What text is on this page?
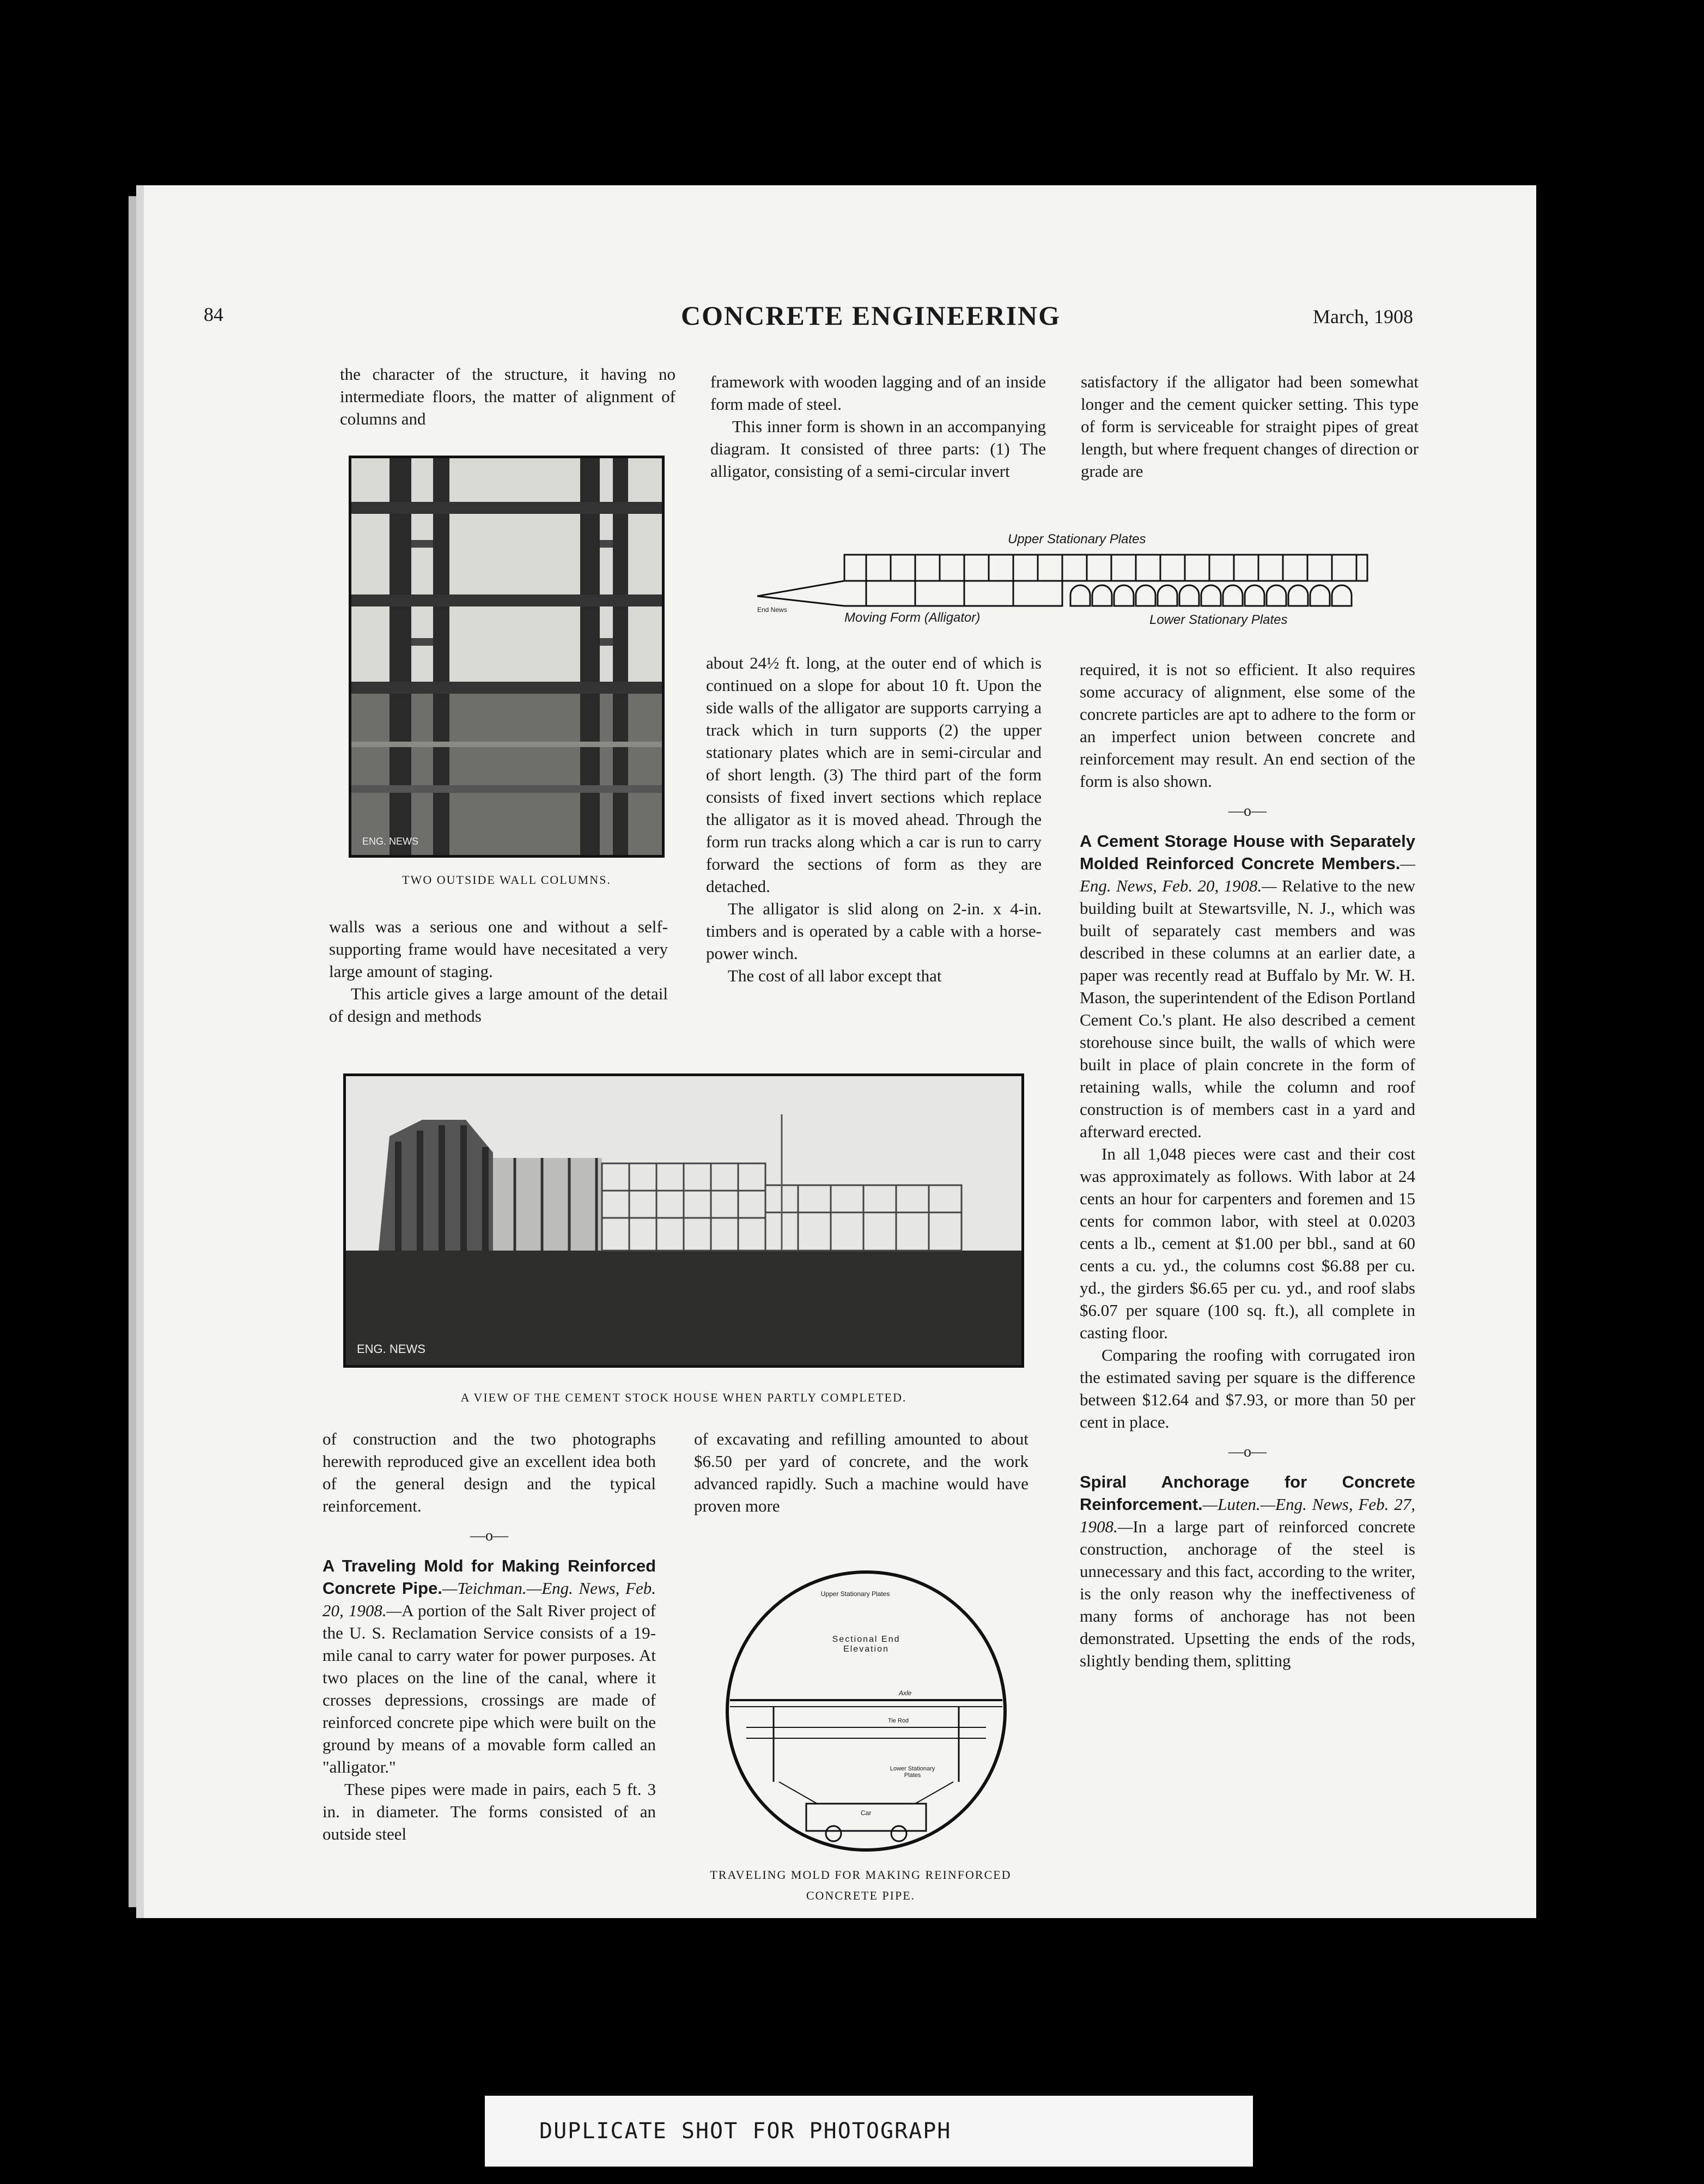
84	CONCRETE ENGINEERING	March, 1908

the character of the structure, it having no intermediate floors, the matter of alignment of columns and

ENG. NEWS
TWO OUTSIDE WALL COLUMNS.

walls was a serious one and without a self-supporting frame would have necesitated a very large amount of staging.

This article gives a large amount of the detail of design and methods

framework with wooden lagging and of an inside form made of steel.

This inner form is shown in an accompanying diagram. It consisted of three parts: (1) The alligator, consisting of a semi-circular invert

satisfactory if the alligator had been somewhat longer and the cement quicker setting. This type of form is serviceable for straight pipes of great length, but where frequent changes of direction or grade are

Upper Stationary Plates
End News
Moving Form (Alligator)	Lower Stationary Plates

about 24½ ft. long, at the outer end of which is continued on a slope for about 10 ft. Upon the side walls of the alligator are supports carrying a track which in turn supports (2) the upper stationary plates which are in semi-circular and of short length. (3) The third part of the form consists of fixed invert sections which replace the alligator as it is moved ahead. Through the form run tracks along which a car is run to carry forward the sections of form as they are detached.

The alligator is slid along on 2-in. x 4-in. timbers and is operated by a cable with a horse-power winch.

The cost of all labor except that

required, it is not so efficient. It also requires some accuracy of alignment, else some of the concrete particles are apt to adhere to the form or an imperfect union between concrete and reinforcement may result. An end section of the form is also shown.

—o—

A Cement Storage House with Separately Molded Reinforced Concrete Members.—Eng. News, Feb. 20, 1908.— Relative to the new building built at Stewartsville, N. J., which was built of separately cast members and was described in these columns at an earlier date, a paper was recently read at Buffalo by Mr. W. H. Mason, the superintendent of the Edison Portland Cement Co.'s plant. He also described a cement storehouse since built, the walls of which were built in place of plain concrete in the form of retaining walls, while the column and roof construction is of members cast in a yard and afterward erected.

In all 1,048 pieces were cast and their cost was approximately as follows. With labor at 24 cents an hour for carpenters and foremen and 15 cents for common labor, with steel at 0.0203 cents a lb., cement at $1.00 per bbl., sand at 60 cents a cu. yd., the columns cost $6.88 per cu. yd., the girders $6.65 per cu. yd., and roof slabs $6.07 per square (100 sq. ft.), all complete in casting floor.

Comparing the roofing with corrugated iron the estimated saving per square is the difference between $12.64 and $7.93, or more than 50 per cent in place.

—o—

Spiral Anchorage for Concrete Reinforcement.—Luten.—Eng. News, Feb. 27, 1908.—In a large part of reinforced concrete construction, anchorage of the steel is unnecessary and this fact, according to the writer, is the only reason why the ineffectiveness of many forms of anchorage has not been demonstrated. Upsetting the ends of the rods, slightly bending them, splitting

ENG. NEWS
A VIEW OF THE CEMENT STOCK HOUSE WHEN PARTLY COMPLETED.

of construction and the two photographs herewith reproduced give an excellent idea both of the general design and the typical reinforcement.

—o—

A Traveling Mold for Making Reinforced Concrete Pipe.—Teichman.—Eng. News, Feb. 20, 1908.—A portion of the Salt River project of the U. S. Reclamation Service consists of a 19-mile canal to carry water for power purposes. At two places on the line of the canal, where it crosses depressions, crossings are made of reinforced concrete pipe which were built on the ground by means of a movable form called an "alligator."

These pipes were made in pairs, each 5 ft. 3 in. in diameter. The forms consisted of an outside steel

of excavating and refilling amounted to about $6.50 per yard of concrete, and the work advanced rapidly. Such a machine would have proven more

Upper Stationary Plates
Sectional End Elevation
Axle
Tie Rod
Lower Stationary Plates
Car
TRAVELING MOLD FOR MAKING REINFORCED CONCRETE PIPE.
DUPLICATE SHOT FOR PHOTOGRAPH
